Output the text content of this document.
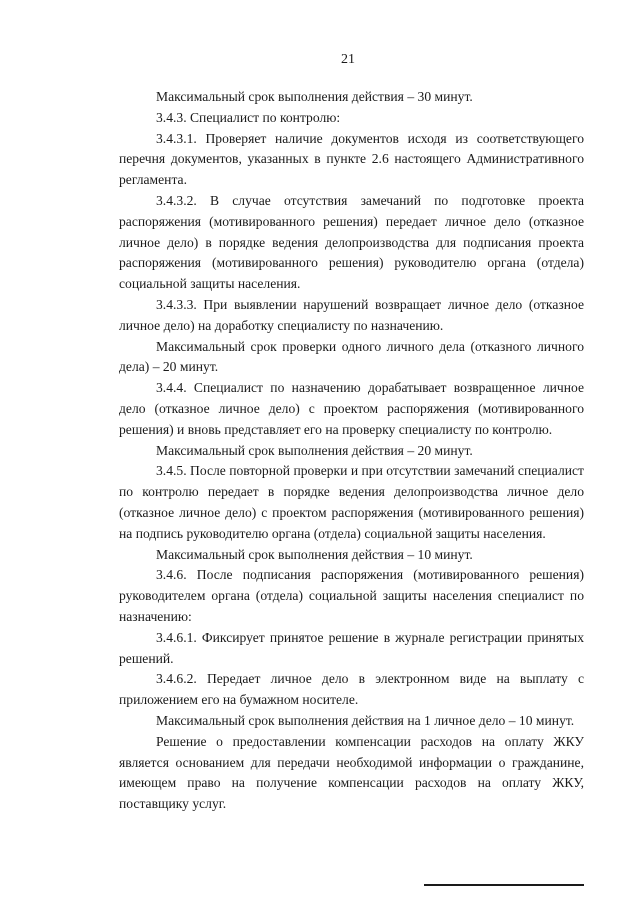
21

Максимальный срок выполнения действия – 30 минут.

3.4.3. Специалист по контролю:

3.4.3.1. Проверяет наличие документов исходя из соответствующего перечня документов, указанных в пункте 2.6 настоящего Административного регламента.

3.4.3.2. В случае отсутствия замечаний по подготовке проекта распоряжения (мотивированного решения) передает личное дело (отказное личное дело) в порядке ведения делопроизводства для подписания проекта распоряжения (мотивированного решения) руководителю органа (отдела) социальной защиты населения.

3.4.3.3. При выявлении нарушений возвращает личное дело (отказное личное дело) на доработку специалисту по назначению.

Максимальный срок проверки одного личного дела (отказного личного дела) – 20 минут.

3.4.4. Специалист по назначению дорабатывает возвращенное личное дело (отказное личное дело) с проектом распоряжения (мотивированного решения) и вновь представляет его на проверку специалисту по контролю.

Максимальный срок выполнения действия – 20 минут.

3.4.5. После повторной проверки и при отсутствии замечаний специалист по контролю передает в порядке ведения делопроизводства личное дело (отказное личное дело) с проектом распоряжения (мотивированного решения) на подпись руководителю органа (отдела) социальной защиты населения.

Максимальный срок выполнения действия – 10 минут.

3.4.6. После подписания распоряжения (мотивированного решения) руководителем органа (отдела) социальной защиты населения специалист по назначению:

3.4.6.1. Фиксирует принятое решение в журнале регистрации принятых решений.

3.4.6.2. Передает личное дело в электронном виде на выплату с приложением его на бумажном носителе.

Максимальный срок выполнения действия на 1 личное дело – 10 минут.

Решение о предоставлении компенсации расходов на оплату ЖКУ является основанием для передачи необходимой информации о гражданине, имеющем право на получение компенсации расходов на оплату ЖКУ, поставщику услуг.
